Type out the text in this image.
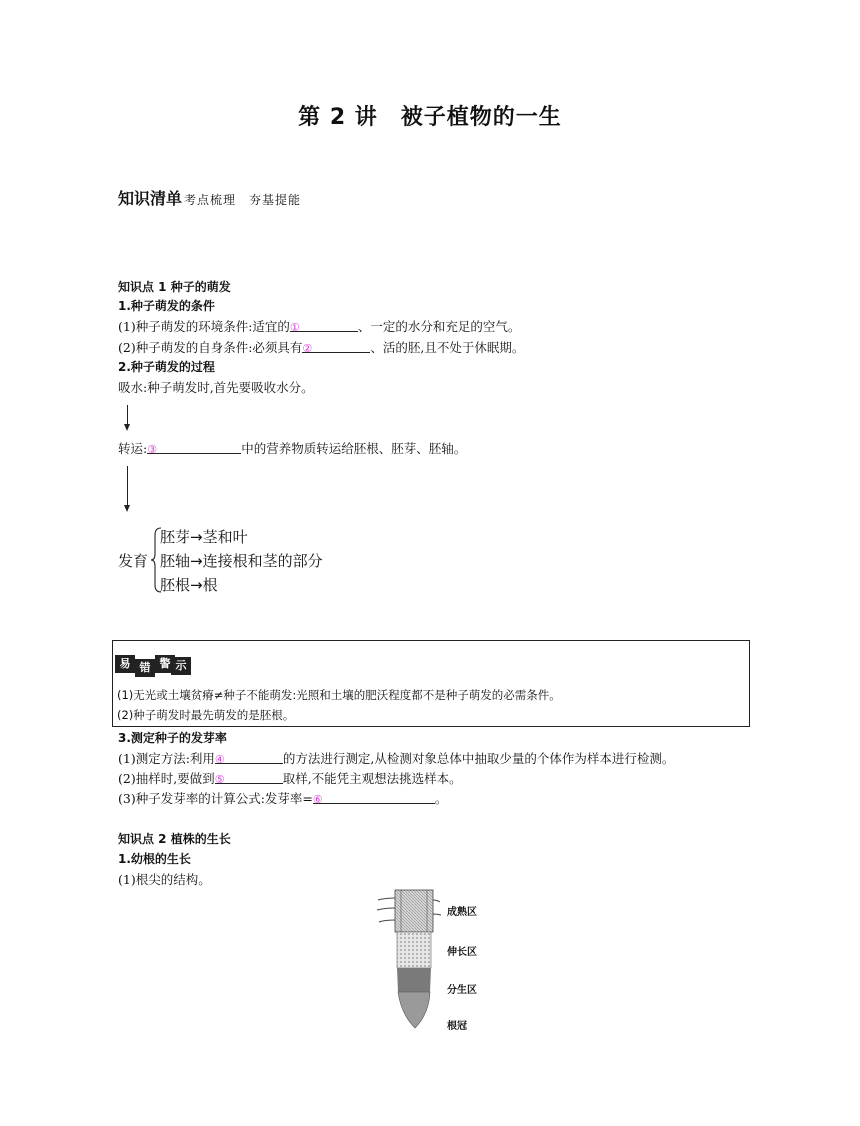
第 2 讲　被子植物的一生
知识清单 考点梳理　夯基提能
知识点 1 种子的萌发
1.种子萌发的条件
(1)种子萌发的环境条件:适宜的①	、一定的水分和充足的空气。
(2)种子萌发的自身条件:必须具有②	、活的胚,且不处于休眠期。
2.种子萌发的过程
吸水:种子萌发时,首先要吸收水分。
转运:③	中的营养物质转运给胚根、胚芽、胚轴。
发育
胚芽→茎和叶
胚轴→连接根和茎的部分
胚根→根
易 错 警 示
(1)无光或土壤贫瘠≠种子不能萌发:光照和土壤的肥沃程度都不是种子萌发的必需条件。
(2)种子萌发时最先萌发的是胚根。
3.测定种子的发芽率
(1)测定方法:利用④	的方法进行测定,从检测对象总体中抽取少量的个体作为样本进行检测。
(2)抽样时,要做到⑤	取样,不能凭主观想法挑选样本。
(3)种子发芽率的计算公式:发芽率=⑥	。
知识点 2 植株的生长
1.幼根的生长
(1)根尖的结构。
成熟区
伸长区
分生区
根冠
